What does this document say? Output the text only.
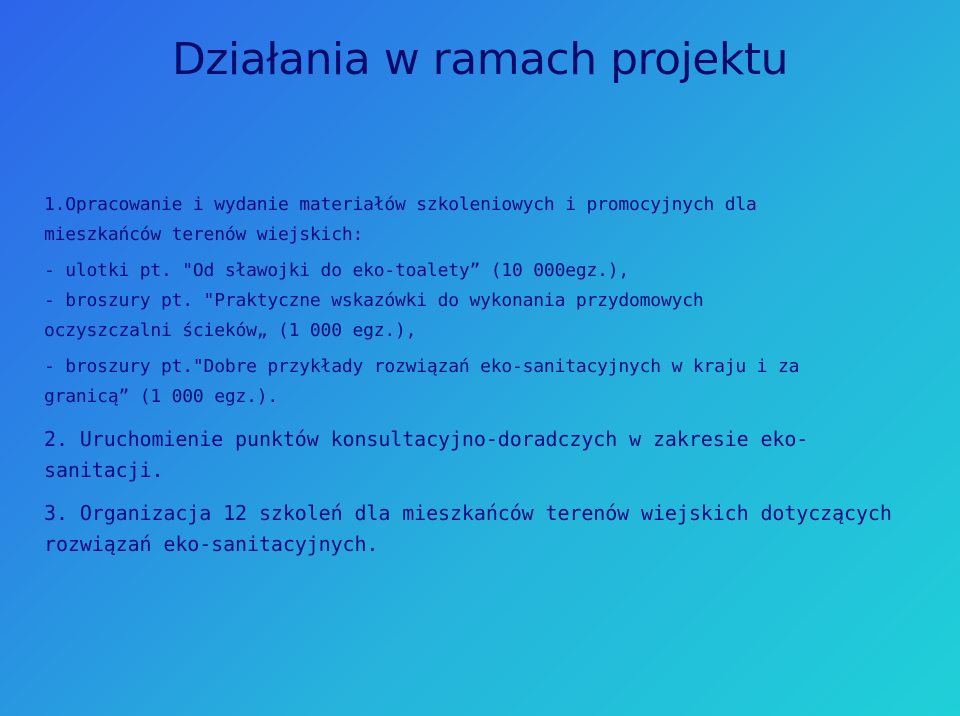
Działania w ramach projektu
1.Opracowanie i wydanie materiałów szkoleniowych i promocyjnych dla
mieszkańców terenów wiejskich:
- ulotki pt. "Od sławojki do eko-toalety” (10 000egz.),
- broszury pt. "Praktyczne wskazówki do wykonania przydomowych
oczyszczalni ścieków„ (1 000 egz.),
- broszury pt."Dobre przykłady rozwiązań eko-sanitacyjnych w kraju i za
granicą” (1 000 egz.).
2. Uruchomienie punktów konsultacyjno-doradczych w zakresie eko-
sanitacji.
3. Organizacja 12 szkoleń dla mieszkańców terenów wiejskich dotyczących
rozwiązań eko-sanitacyjnych.
